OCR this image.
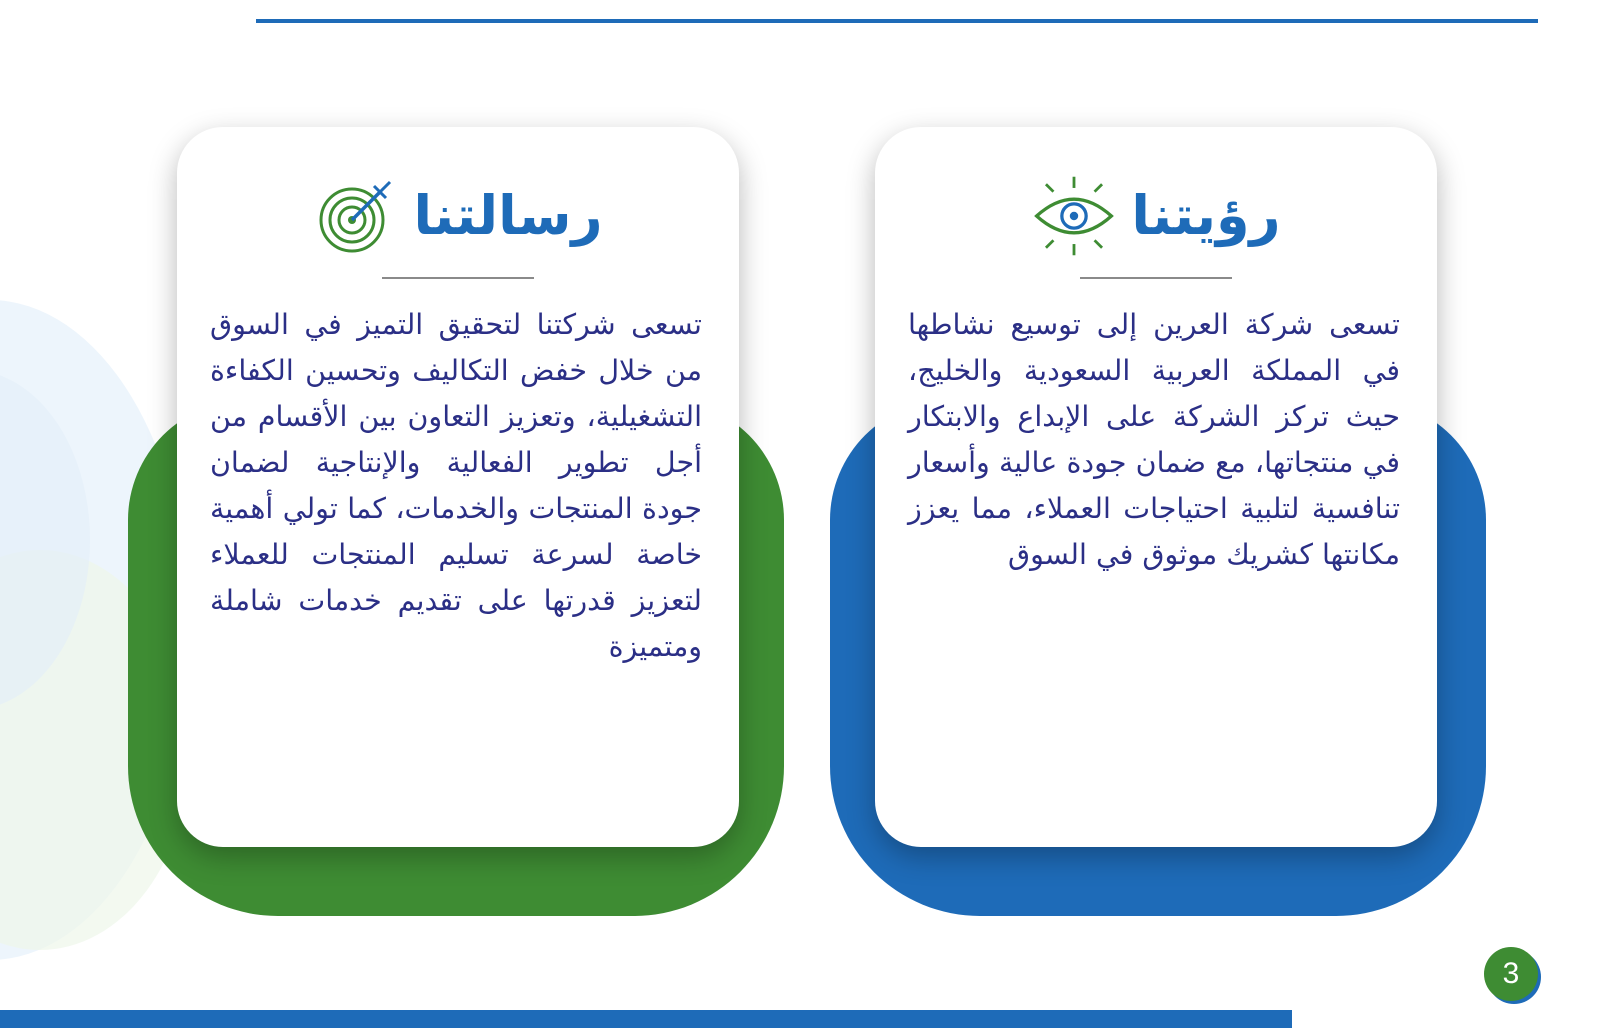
رسالتنا
تسعى شركتنا لتحقيق التميز في السوق من خلال خفض التكاليف وتحسين الكفاءة التشغيلية، وتعزيز التعاون بين الأقسام من أجل تطوير الفعالية والإنتاجية لضمان جودة المنتجات والخدمات، كما تولي أهمية خاصة لسرعة تسليم المنتجات للعملاء لتعزيز قدرتها على تقديم خدمات شاملة ومتميزة
رؤيتنا
تسعى شركة العرين إلى توسيع نشاطها في المملكة العربية السعودية والخليج، حيث تركز الشركة على الإبداع والابتكار في منتجاتها، مع ضمان جودة عالية وأسعار تنافسية لتلبية احتياجات العملاء، مما يعزز مكانتها كشريك موثوق في السوق
3
